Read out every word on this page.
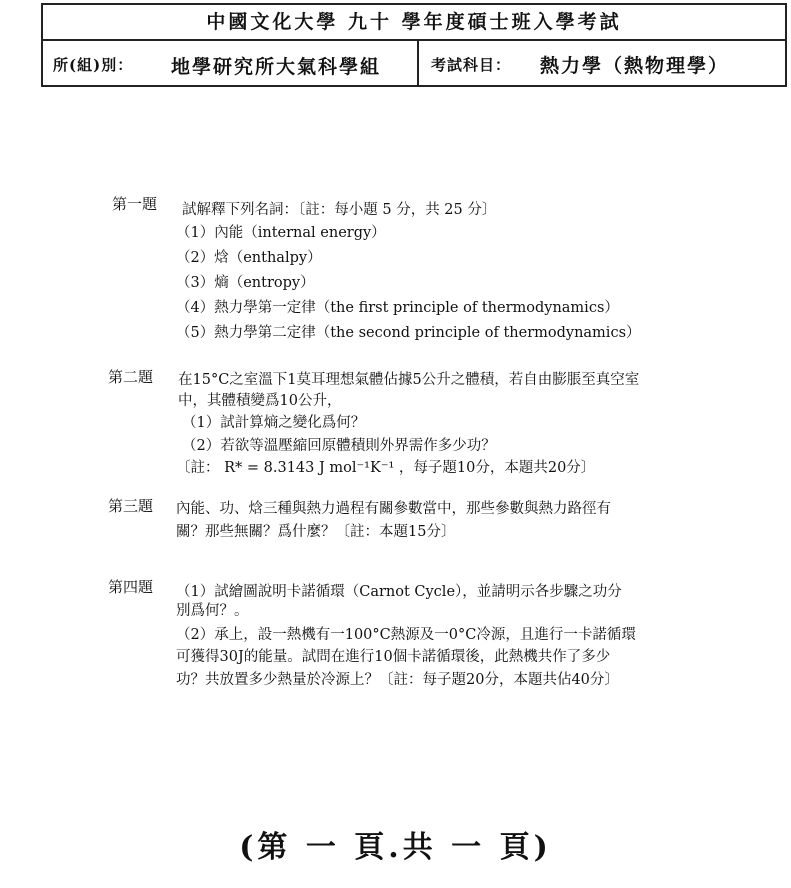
中國文化大學 九十 學年度碩士班入學考試
所(組)別： 地學研究所大氣科學組	考試科目： 熱力學（熱物理學）
第一題 試解釋下列名詞：〔註：每小題 5 分，共 25 分〕
（1）內能（internal energy）
（2）焓（enthalpy）
（3）熵（entropy）
（4）熱力學第一定律（the first principle of thermodynamics）
（5）熱力學第二定律（the second principle of thermodynamics）
第二題 在15°C之室溫下1莫耳理想氣體佔據5公升之體積，若自由膨脹至真空室
中，其體積變爲10公升，
（1）試計算熵之變化爲何？
（2）若欲等溫壓縮回原體積則外界需作多少功？
〔註： R* = 8.3143 J mol⁻¹K⁻¹ ，每子題10分，本題共20分〕
第三題 內能、功、焓三種與熱力過程有關參數當中，那些參數與熱力路徑有
關？那些無關？爲什麼？〔註：本題15分〕
第四題 （1）試繪圖說明卡諾循環（Carnot Cycle），並請明示各步驟之功分
別爲何？。
（2）承上，設一熱機有一100°C熱源及一0°C冷源，且進行一卡諾循環
可獲得30J的能量。試問在進行10個卡諾循環後，此熱機共作了多少
功？共放置多少熱量於冷源上？〔註：每子題20分，本題共佔40分〕
(第 一 頁.共 一 頁)
